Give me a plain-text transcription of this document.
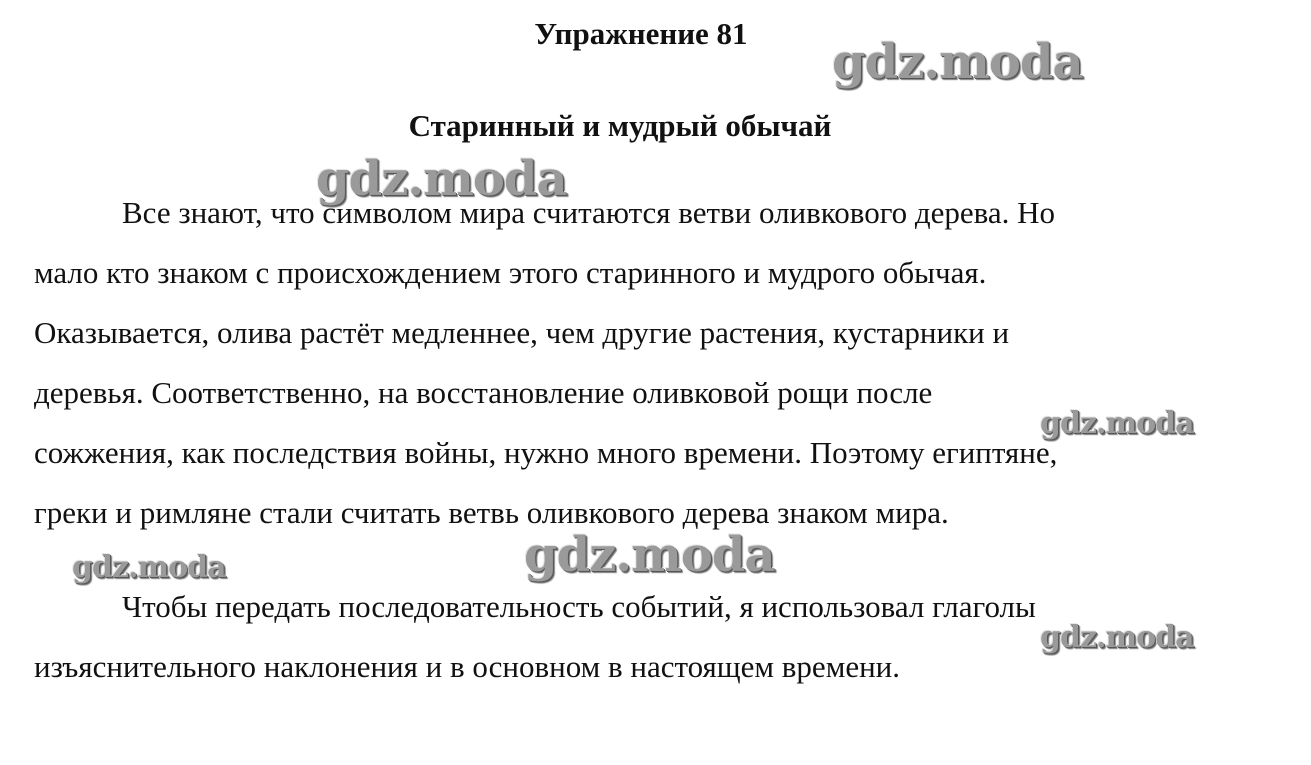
Упражнение 81
Старинный и мудрый обычай

Все знают, что символом мира считаются ветви оливкового дерева. Но
мало кто знаком с происхождением этого старинного и мудрого обычая.
Оказывается, олива растёт медленнее, чем другие растения, кустарники и
деревья. Соответственно, на восстановление оливковой рощи после
сожжения, как последствия войны, нужно много времени. Поэтому египтяне,
греки и римляне стали считать ветвь оливкового дерева знаком мира.

Чтобы передать последовательность событий, я использовал глаголы
изъяснительного наклонения и в основном в настоящем времени.

gdz.moda
gdz.moda
gdz.moda
gdz.moda	gdz.moda
gdz.moda
